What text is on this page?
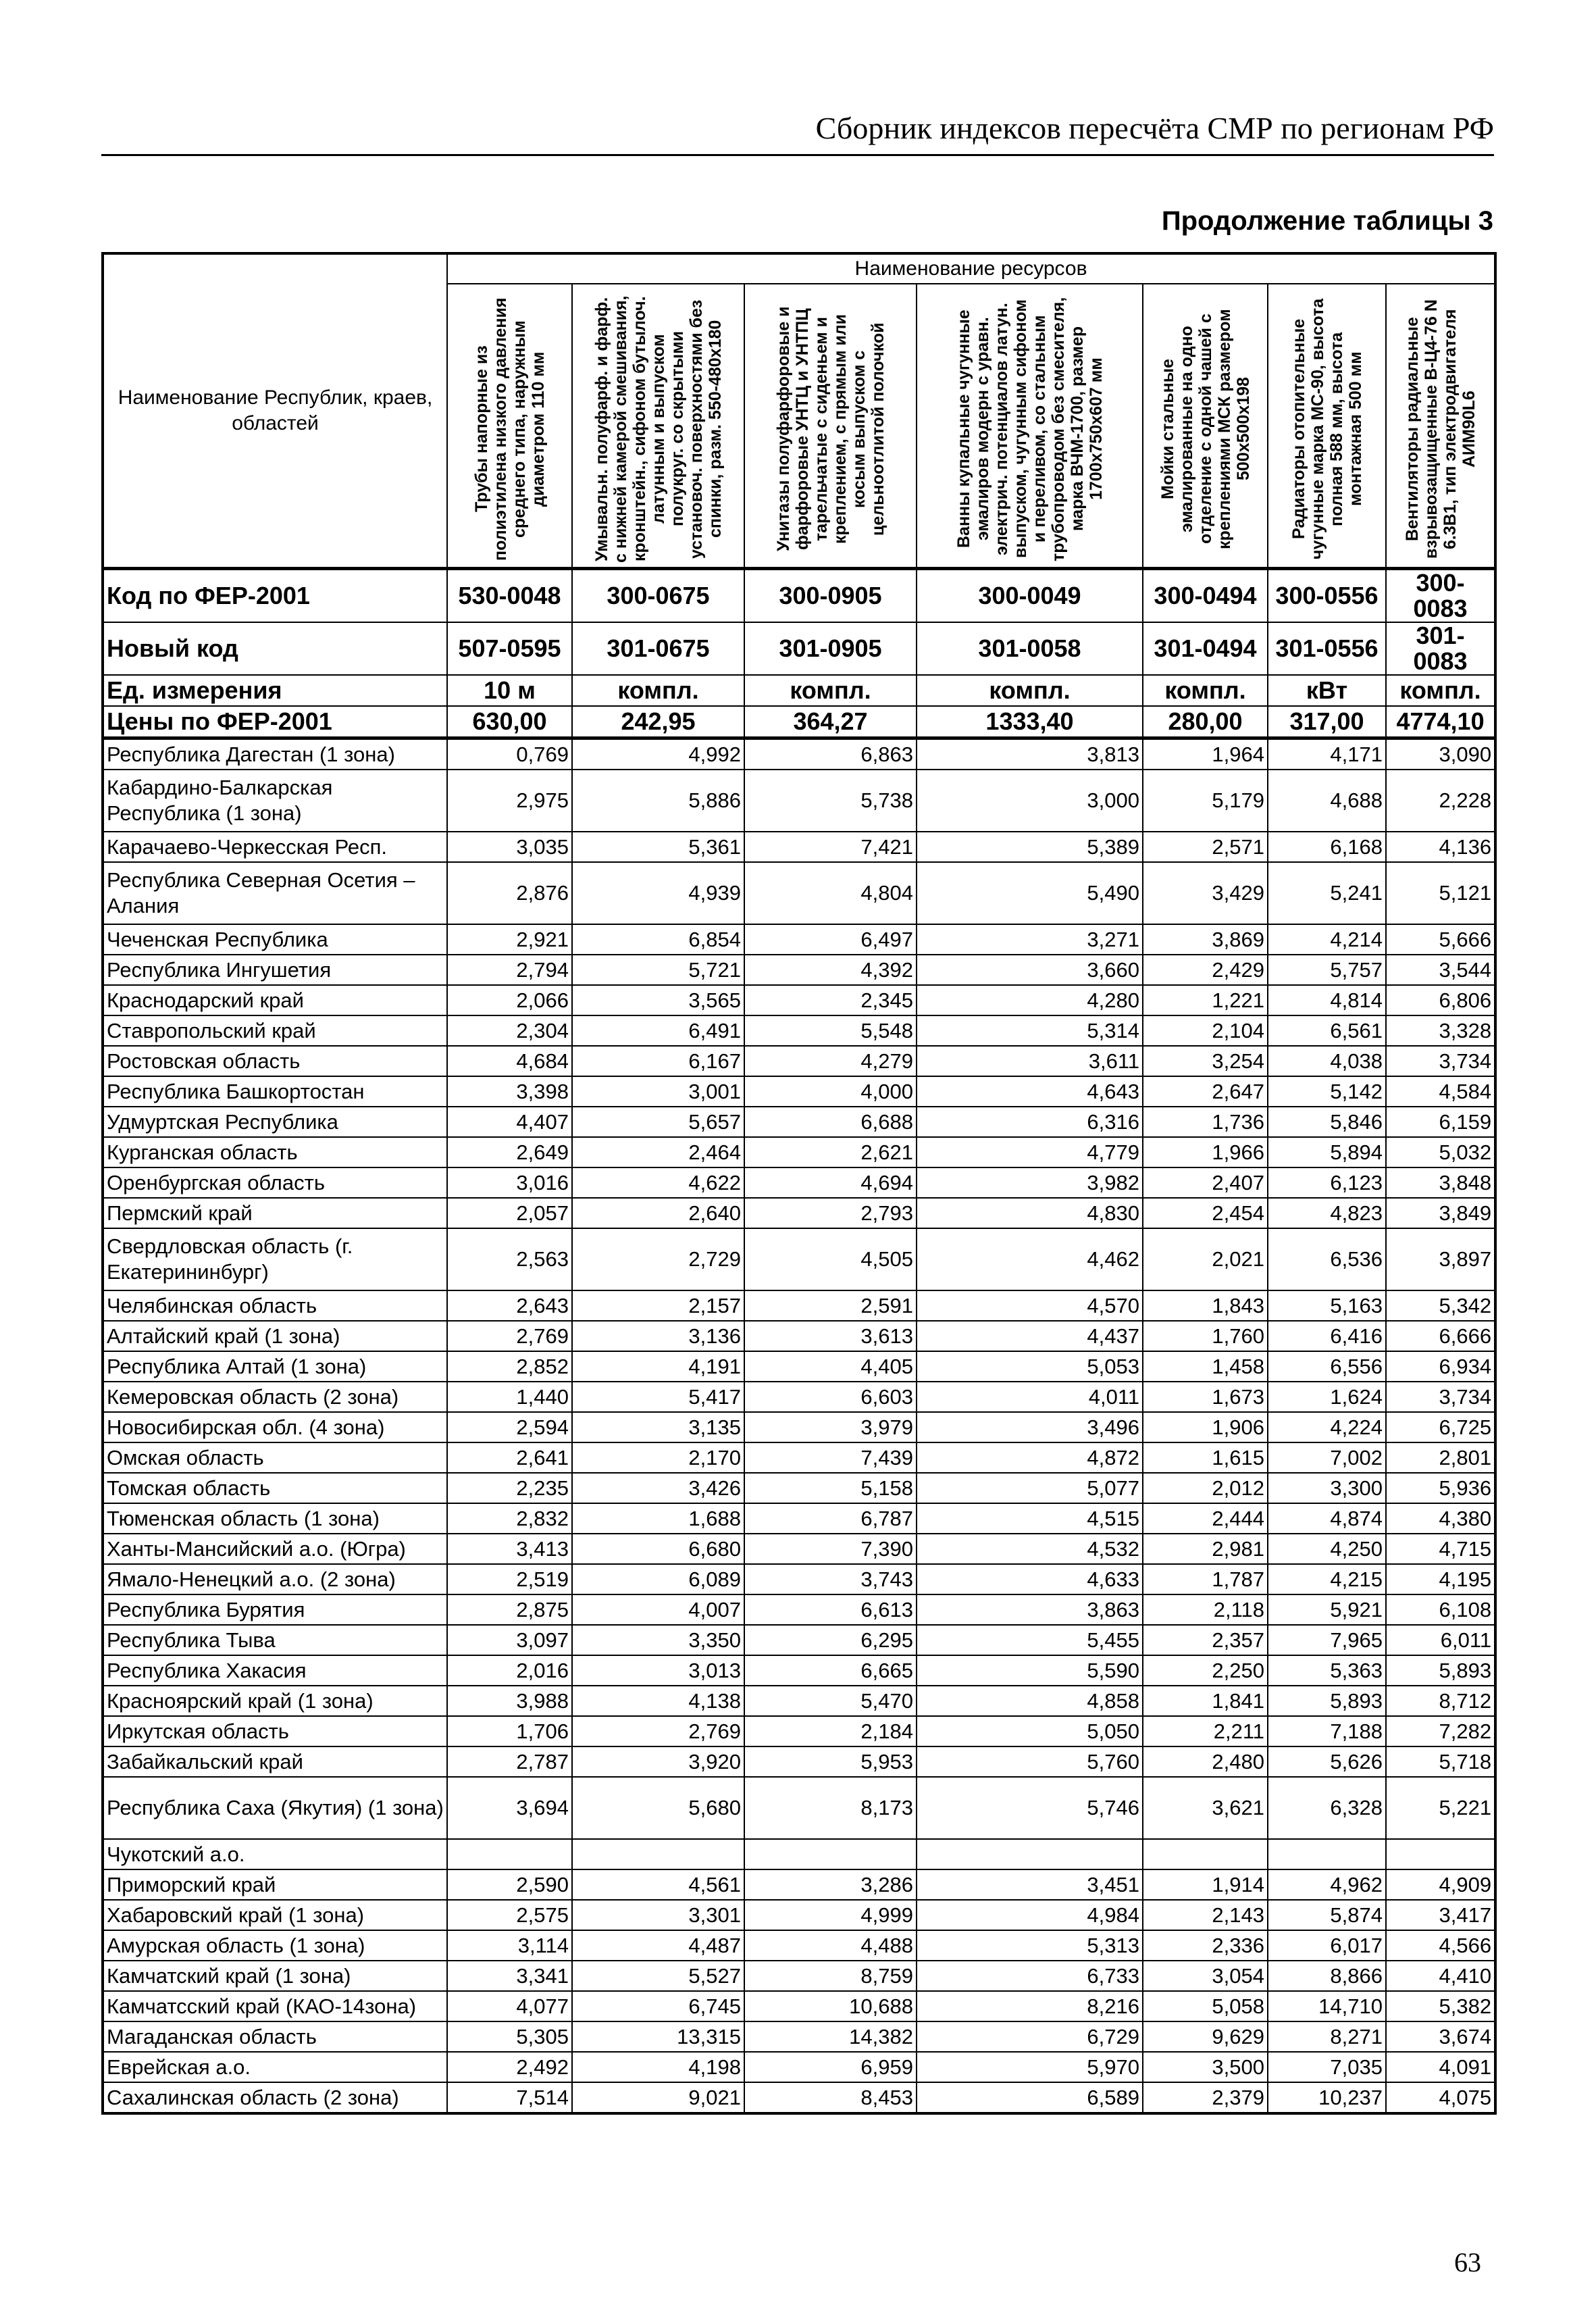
Сборник индексов пересчёта СМР по регионам РФ
Продолжение таблицы 3
Наименование Республик, краев, областей	Наименование ресурсов						

	Трубы напорные из полиэтилена низкого давления среднего типа, наружным диаметром 110 мм	Умывальн. полуфарф. и фарф. с нижней камерой смешивания, кронштейн., сифоном бутылоч. латунным и выпуском полукруг. со скрытыми установоч. поверхностями без спинки, разм. 550-480x180	Унитазы полуфарфоровые и фарфоровые УНТЦ и УНТПЦ тарельчатые с сиденьем и креплением, с прямым или косым выпуском с цельноотлитой полочкой	Ванны купальные чугунные эмалиров модерн с уравн. электрич. потенциалов латун. выпуском, чугунным сифоном и переливом, со стальным трубопроводом без смесителя, марка ВЧМ-1700, размер 1700x750x607 мм	Мойки стальные эмалированные на одно отделение с одной чашей с креплениями МСК размером 500x500x198	Радиаторы отопительные чугунные марка МС-90, высота полная 588 мм, высота монтажная 500 мм	Вентиляторы радиальные взрывозащищенные В-Ц4-76 N 6.3В1, тип электродвигателя АИМ90L6

Код по ФЕР-2001	530-0048	300-0675	300-0905	300-0049	300-0494	300-0556	300-0083
Новый код	507-0595	301-0675	301-0905	301-0058	301-0494	301-0556	301-0083
Ед. измерения	10 м	компл.	компл.	компл.	компл.	кВт	компл.
Цены по ФЕР-2001	630,00	242,95	364,27	1333,40	280,00	317,00	4774,10
Республика Дагестан (1 зона)	0,769	4,992	6,863	3,813	1,964	4,171	3,090
Кабардино-Балкарская Республика (1 зона)	2,975	5,886	5,738	3,000	5,179	4,688	2,228
Карачаево-Черкесская Респ.	3,035	5,361	7,421	5,389	2,571	6,168	4,136
Республика Северная Осетия – Алания	2,876	4,939	4,804	5,490	3,429	5,241	5,121
Чеченская Республика	2,921	6,854	6,497	3,271	3,869	4,214	5,666
Республика Ингушетия	2,794	5,721	4,392	3,660	2,429	5,757	3,544
Краснодарский край	2,066	3,565	2,345	4,280	1,221	4,814	6,806
Ставропольский край	2,304	6,491	5,548	5,314	2,104	6,561	3,328
Ростовская область	4,684	6,167	4,279	3,611	3,254	4,038	3,734
Республика Башкортостан	3,398	3,001	4,000	4,643	2,647	5,142	4,584
Удмуртская Республика	4,407	5,657	6,688	6,316	1,736	5,846	6,159
Курганская область	2,649	2,464	2,621	4,779	1,966	5,894	5,032
Оренбургская область	3,016	4,622	4,694	3,982	2,407	6,123	3,848
Пермский край	2,057	2,640	2,793	4,830	2,454	4,823	3,849
Свердловская область (г. Екатерининбург)	2,563	2,729	4,505	4,462	2,021	6,536	3,897
Челябинская область	2,643	2,157	2,591	4,570	1,843	5,163	5,342
Алтайский край (1 зона)	2,769	3,136	3,613	4,437	1,760	6,416	6,666
Республика Алтай (1 зона)	2,852	4,191	4,405	5,053	1,458	6,556	6,934
Кемеровская область (2 зона)	1,440	5,417	6,603	4,011	1,673	1,624	3,734
Новосибирская обл. (4 зона)	2,594	3,135	3,979	3,496	1,906	4,224	6,725
Омская область	2,641	2,170	7,439	4,872	1,615	7,002	2,801
Томская область	2,235	3,426	5,158	5,077	2,012	3,300	5,936
Тюменская область (1 зона)	2,832	1,688	6,787	4,515	2,444	4,874	4,380
Ханты-Мансийский а.о. (Югра)	3,413	6,680	7,390	4,532	2,981	4,250	4,715
Ямало-Ненецкий а.о. (2 зона)	2,519	6,089	3,743	4,633	1,787	4,215	4,195
Республика Бурятия	2,875	4,007	6,613	3,863	2,118	5,921	6,108
Республика Тыва	3,097	3,350	6,295	5,455	2,357	7,965	6,011
Республика Хакасия	2,016	3,013	6,665	5,590	2,250	5,363	5,893
Красноярский край (1 зона)	3,988	4,138	5,470	4,858	1,841	5,893	8,712
Иркутская область	1,706	2,769	2,184	5,050	2,211	7,188	7,282
Забайкальский край	2,787	3,920	5,953	5,760	2,480	5,626	5,718
Республика Саха (Якутия) (1 зона)	3,694	5,680	8,173	5,746	3,621	6,328	5,221
Чукотский а.о.							
Приморский край	2,590	4,561	3,286	3,451	1,914	4,962	4,909
Хабаровский край (1 зона)	2,575	3,301	4,999	4,984	2,143	5,874	3,417
Амурская область (1 зона)	3,114	4,487	4,488	5,313	2,336	6,017	4,566
Камчатский край (1 зона)	3,341	5,527	8,759	6,733	3,054	8,866	4,410
Камчатсский край (КАО-14зона)	4,077	6,745	10,688	8,216	5,058	14,710	5,382
Магаданская область	5,305	13,315	14,382	6,729	9,629	8,271	3,674
Еврейская а.о.	2,492	4,198	6,959	5,970	3,500	7,035	4,091
Сахалинская область (2 зона)	7,514	9,021	8,453	6,589	2,379	10,237	4,075
63
